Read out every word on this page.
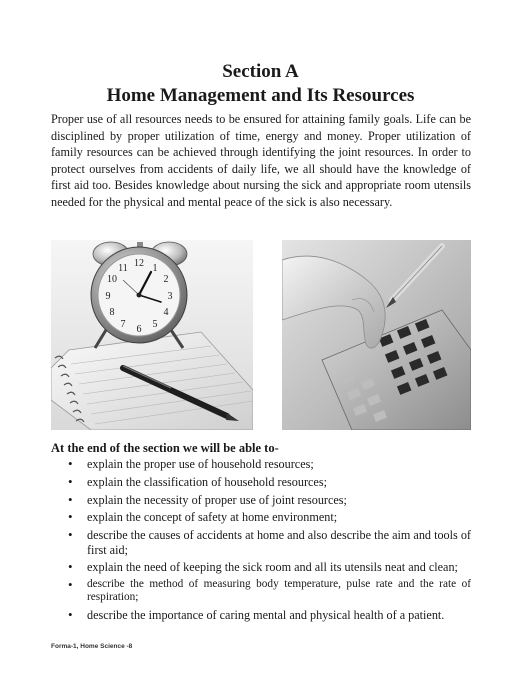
Section A
Home Management and Its Resources

Proper use of all resources needs to be ensured for attaining family goals. Life can be disciplined by proper utilization of time, energy and money. Proper utilization of family resources can be achieved through identifying the joint resources. In order to protect ourselves from accidents of daily life, we all should have the knowledge of first aid too. Besides knowledge about nursing the sick and appropriate room utensils needed for the physical and mental peace of the sick is also necessary.

12 1
2
3
4
5
6
7
8
9
10
11
At the end of the section we will be able to-
• explain the proper use of household resources;
• explain the classification of household resources;
• explain the necessity of proper use of joint resources;
• explain the concept of safety at home environment;
• describe the causes of accidents at home and also describe the aim and tools of first aid;
• explain the need of keeping the sick room and all its utensils neat and clean;
• describe the method of measuring body temperature, pulse rate and the rate of respiration;
• describe the importance of caring mental and physical health of a patient.
Forma-1, Home Science -8
